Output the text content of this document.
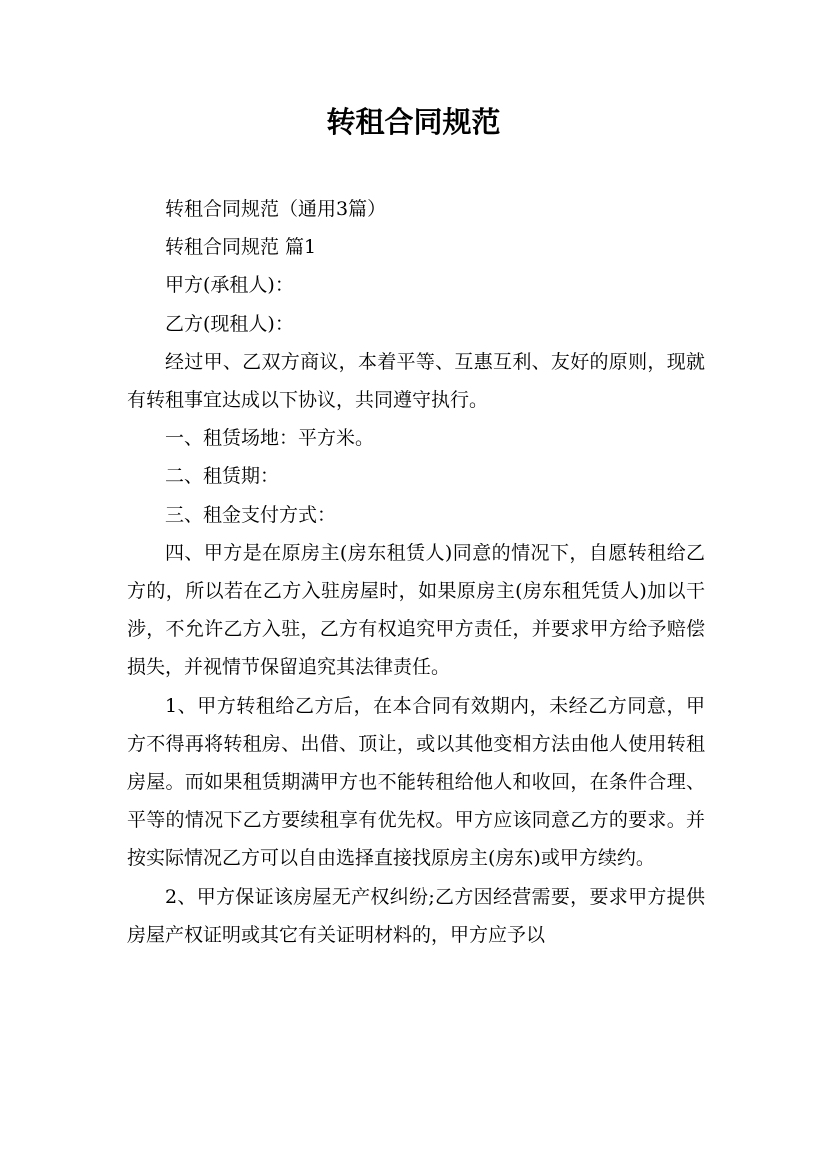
转租合同规范

转租合同规范（通用3篇）

转租合同规范 篇1

甲方(承租人)：

乙方(现租人)：

经过甲、乙双方商议，本着平等、互惠互利、友好的原则，现就有转租事宜达成以下协议，共同遵守执行。

一、租赁场地：平方米。

二、租赁期：

三、租金支付方式：

四、甲方是在原房主(房东租赁人)同意的情况下，自愿转租给乙方的，所以若在乙方入驻房屋时，如果原房主(房东租凭赁人)加以干涉，不允许乙方入驻，乙方有权追究甲方责任，并要求甲方给予赔偿损失，并视情节保留追究其法律责任。

1、甲方转租给乙方后，在本合同有效期内，未经乙方同意，甲方不得再将转租房、出借、顶让，或以其他变相方法由他人使用转租房屋。而如果租赁期满甲方也不能转租给他人和收回，在条件合理、平等的情况下乙方要续租享有优先权。甲方应该同意乙方的要求。并按实际情况乙方可以自由选择直接找原房主(房东)或甲方续约。

2、甲方保证该房屋无产权纠纷;乙方因经营需要，要求甲方提供房屋产权证明或其它有关证明材料的，甲方应予以
